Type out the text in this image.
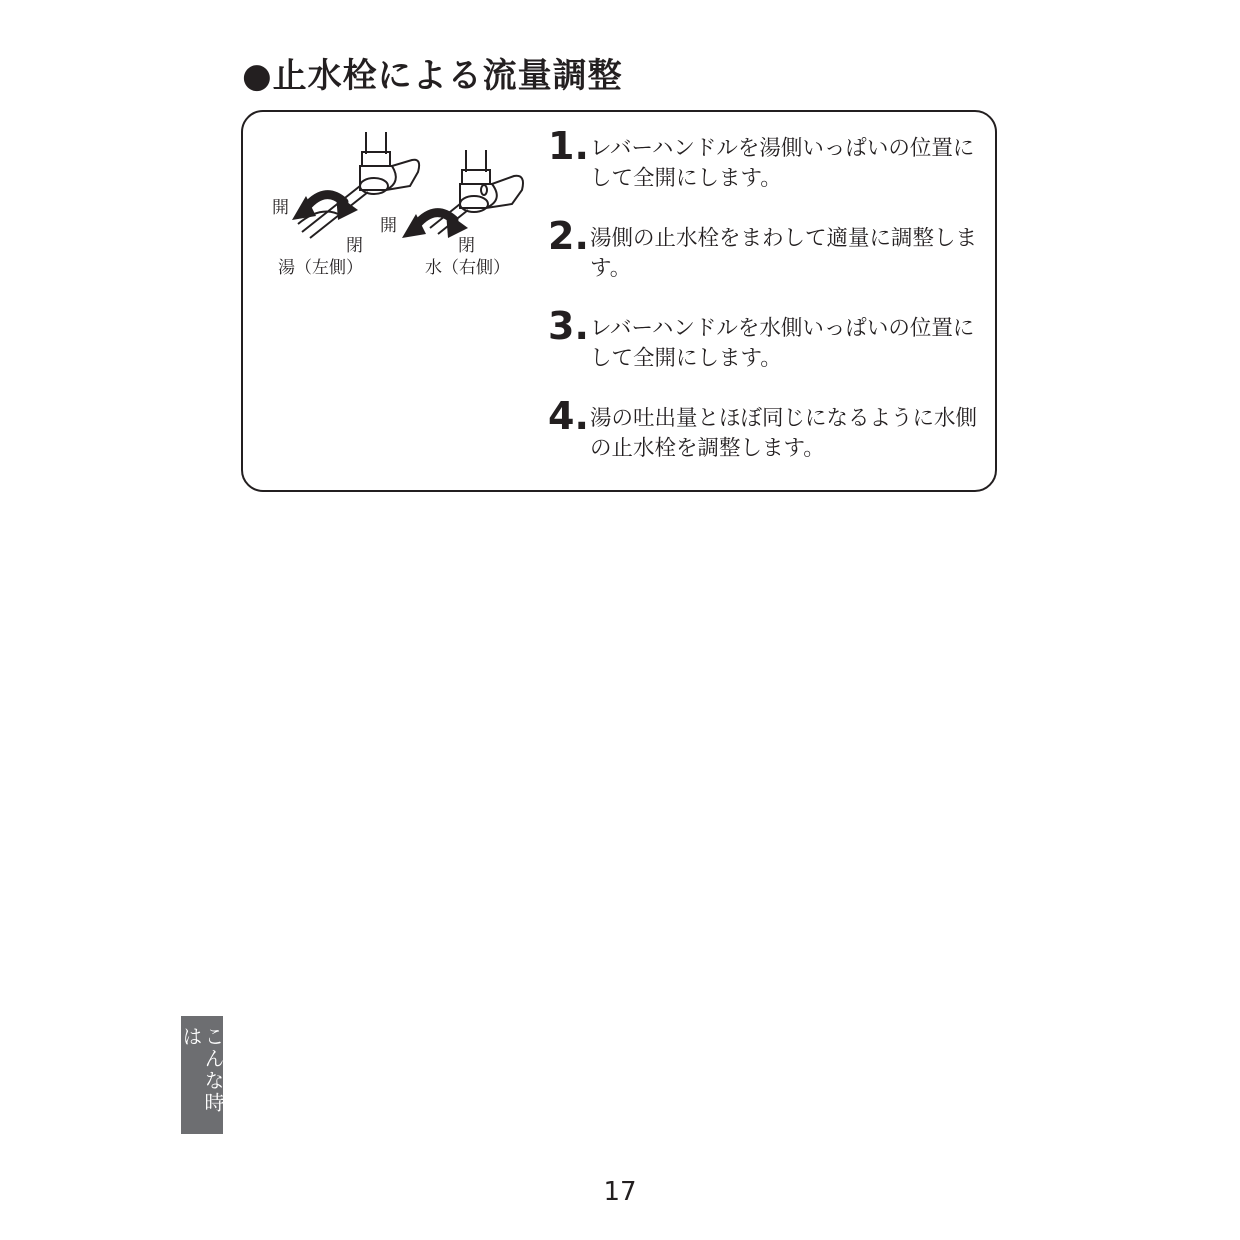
●止水栓による流量調整
開
閉
湯（左側）
開
閉
水（右側）
1. レバーハンドルを湯側いっぱいの位置にして全開にします。
2. 湯側の止水栓をまわして適量に調整します。
3. レバーハンドルを水側いっぱいの位置にして全開にします。
4. 湯の吐出量とほぼ同じになるように水側の止水栓を調整します。
こんな時は
17
